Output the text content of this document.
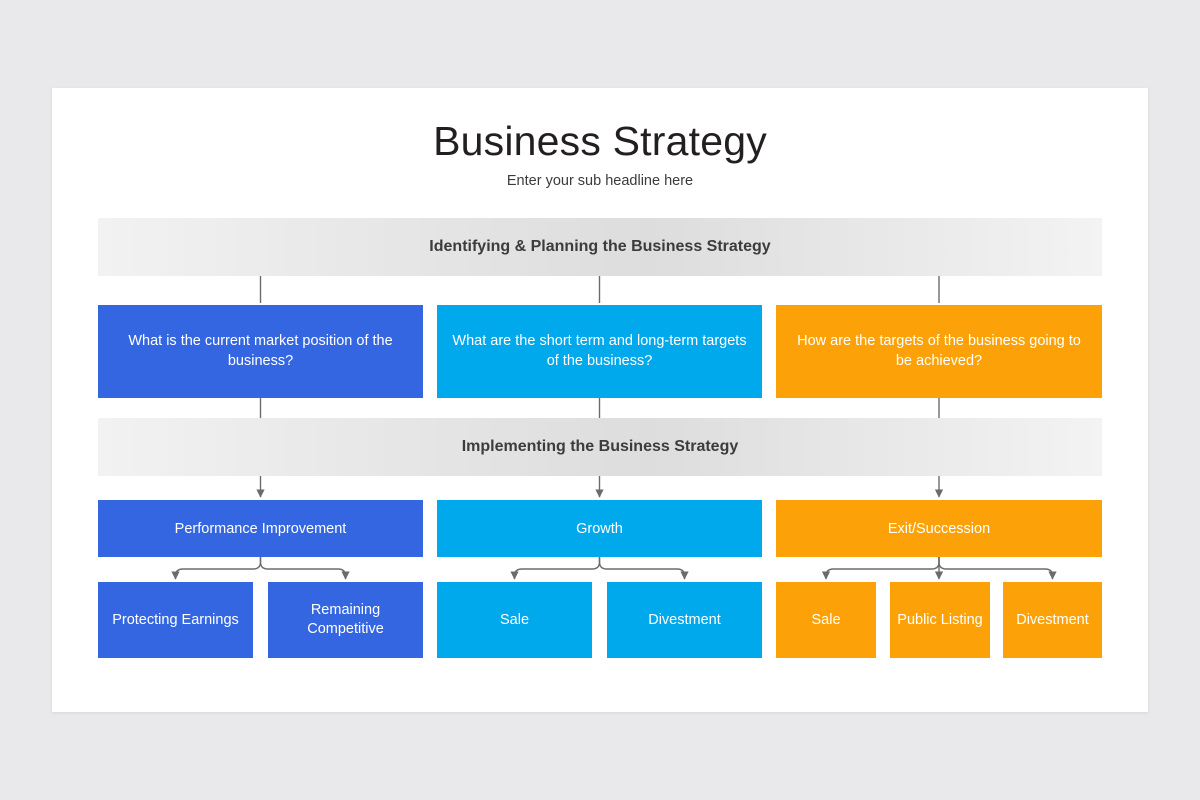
Business Strategy
Enter your sub headline here
Identifying & Planning the Business Strategy
Implementing the Business Strategy
What is the current market position of the business?
What are the short term and long-term targets of the business?
How are the targets of the business going to be achieved?
Performance Improvement	Growth	Exit/Succession
Protecting Earnings
Remaining Competitive
Sale	Divestment	Sale	Public Listing	Divestment
